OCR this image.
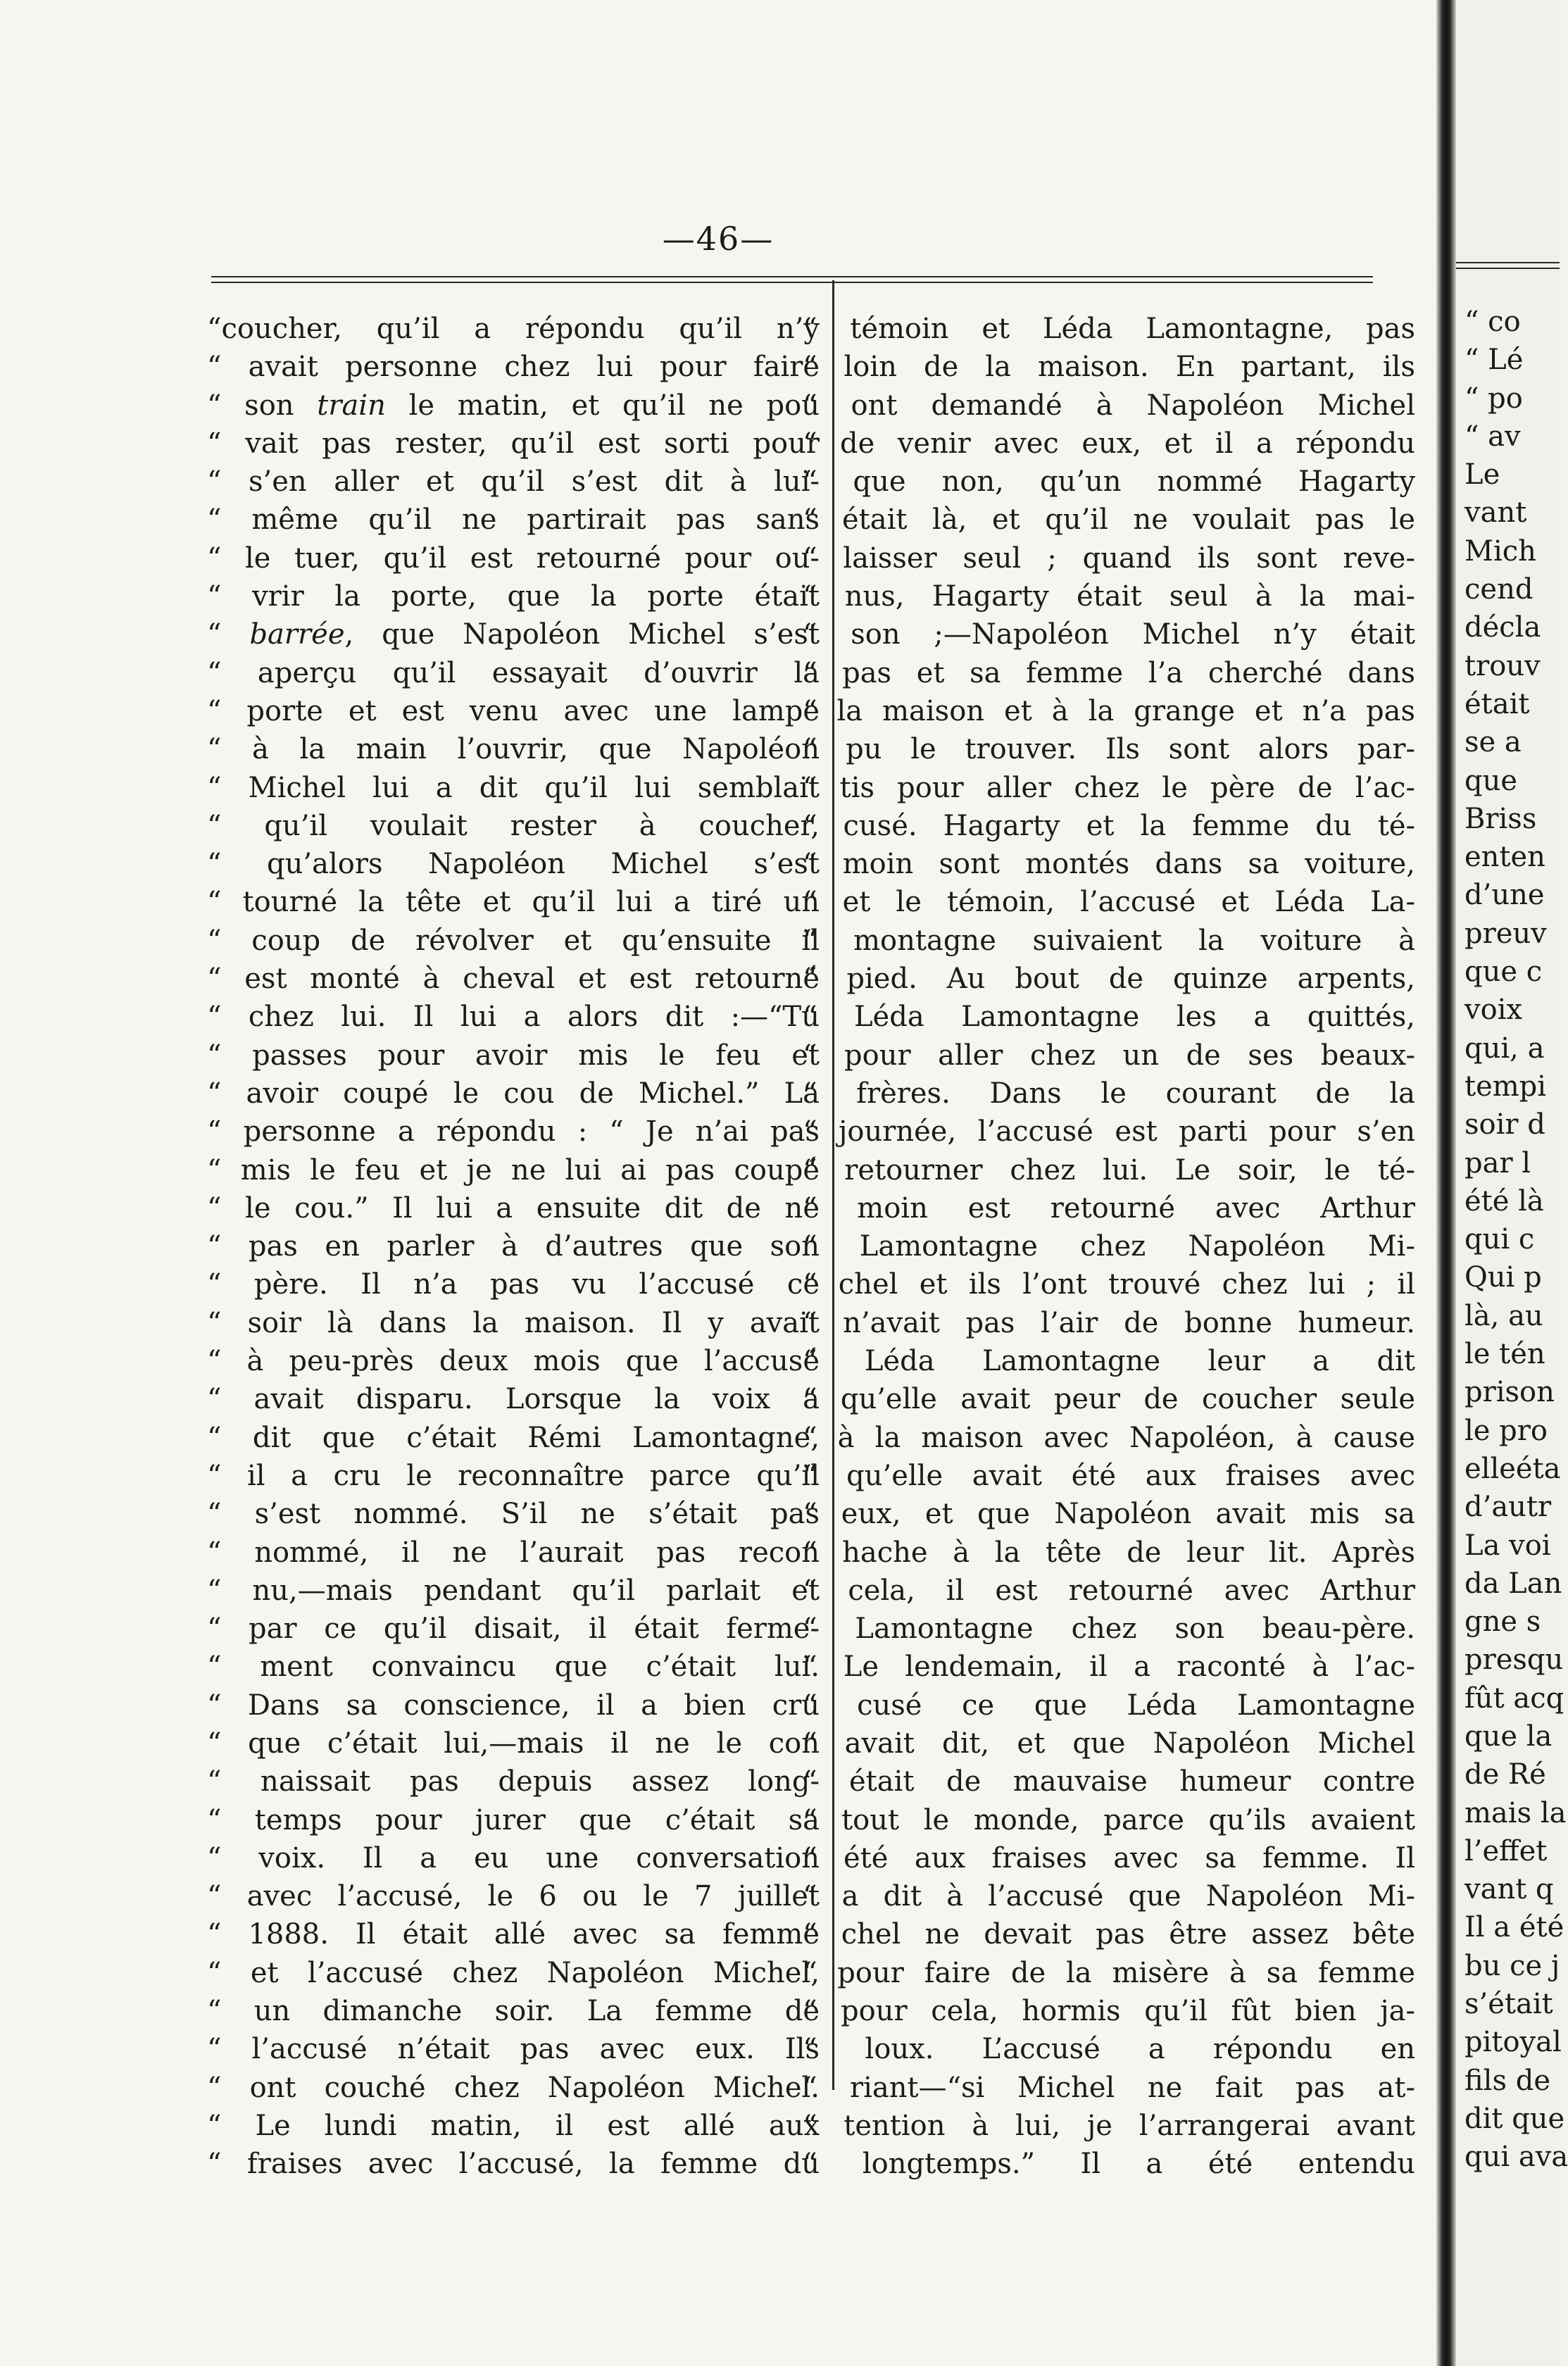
—46—
“coucher, qu’il a répondu qu’il n’y
“ avait personne chez lui pour faire
“ son train le matin, et qu’il ne pou
“ vait pas rester, qu’il est sorti pour
“ s’en aller et qu’il s’est dit à lui-
“ même qu’il ne partirait pas sans
“ le tuer, qu’il est retourné pour ou-
“ vrir la porte, que la porte était
“ barrée, que Napoléon Michel s’est
“ aperçu qu’il essayait d’ouvrir la
“ porte et est venu avec une lampe
“ à la main l’ouvrir, que Napoléon
“ Michel lui a dit qu’il lui semblait
“ qu’il voulait rester à coucher,
“ qu’alors Napoléon Michel s’est
“ tourné la tête et qu’il lui a tiré un
“ coup de révolver et qu’ensuite il
“ est monté à cheval et est retourné
“ chez lui. Il lui a alors dit :—“Tu
“ passes pour avoir mis le feu et
“ avoir coupé le cou de Michel.” La
“ personne a répondu : “ Je n’ai pas
“ mis le feu et je ne lui ai pas coupé
“ le cou.” Il lui a ensuite dit de ne
“ pas en parler à d’autres que son
“ père. Il n’a pas vu l’accusé ce
“ soir là dans la maison. Il y avait
“ à peu-près deux mois que l’accusé
“ avait disparu. Lorsque la voix a
“ dit que c’était Rémi Lamontagne,
“ il a cru le reconnaître parce qu’il
“ s’est nommé. S’il ne s’était pas
“ nommé, il ne l’aurait pas recon
“ nu,—mais pendant qu’il parlait et
“ par ce qu’il disait, il était ferme-
“ ment convaincu que c’était lui.
“ Dans sa conscience, il a bien cru
“ que c’était lui,—mais il ne le con
“ naissait pas depuis assez long-
“ temps pour jurer que c’était sa
“ voix. Il a eu une conversation
“ avec l’accusé, le 6 ou le 7 juillet
“ 1888. Il était allé avec sa femme
“ et l’accusé chez Napoléon Michel,
“ un dimanche soir. La femme de
“ l’accusé n’était pas avec eux. Ils
“ ont couché chez Napoléon Michel.
“ Le lundi matin, il est allé aux
“ fraises avec l’accusé, la femme du
“ témoin et Léda Lamontagne, pas
“ loin de la maison. En partant, ils
“ ont demandé à Napoléon Michel
“ de venir avec eux, et il a répondu
“ que non, qu’un nommé Hagarty
“ était là, et qu’il ne voulait pas le
“ laisser seul ; quand ils sont reve-
“ nus, Hagarty était seul à la mai-
“ son ;—Napoléon Michel n’y était
“ pas et sa femme l’a cherché dans
“ la maison et à la grange et n’a pas
“ pu le trouver. Ils sont alors par-
“ tis pour aller chez le père de l’ac-
“ cusé. Hagarty et la femme du té-
“ moin sont montés dans sa voiture,
“ et le témoin, l’accusé et Léda La-
“ montagne suivaient la voiture à
“ pied. Au bout de quinze arpents,
“ Léda Lamontagne les a quittés,
“ pour aller chez un de ses beaux-
“ frères. Dans le courant de la
“ journée, l’accusé est parti pour s’en
“ retourner chez lui. Le soir, le té-
“ moin est retourné avec Arthur
“ Lamontagne chez Napoléon Mi-
“ chel et ils l’ont trouvé chez lui ; il
“ n’avait pas l’air de bonne humeur.
“ Léda Lamontagne leur a dit
“ qu’elle avait peur de coucher seule
“ à la maison avec Napoléon, à cause
“ qu’elle avait été aux fraises avec
“ eux, et que Napoléon avait mis sa
“ hache à la tête de leur lit. Après
“ cela, il est retourné avec Arthur
“ Lamontagne chez son beau-père.
“ Le lendemain, il a raconté à l’ac-
“ cusé ce que Léda Lamontagne
“ avait dit, et que Napoléon Michel
“ était de mauvaise humeur contre
“ tout le monde, parce qu’ils avaient
“ été aux fraises avec sa femme. Il
“ a dit à l’accusé que Napoléon Mi-
“ chel ne devait pas être assez bête
“ pour faire de la misère à sa femme
“ pour cela, hormis qu’il fût bien ja-
“ loux. L’accusé a répondu en
“ riant—“si Michel ne fait pas at-
“ tention à lui, je l’arrangerai avant
“ longtemps.” Il a été entendu
“ co
“ Lé
“ po
“ av
Le
vant
Mich
cend
décla
trouv
était
se a
que
Briss
enten
d’une
preuv
que c
voix
qui, a
tempi
soir d
par l
été là
qui c
Qui p
là, au
le tén
prison
le pro
elleéta
d’autr
La voi
da Lan
gne s
presqu
fût acq
que la
de Ré
mais la
l’effet
vant q
Il a été
bu ce j
s’était
pitoyal
fils de
dit que
qui ava
